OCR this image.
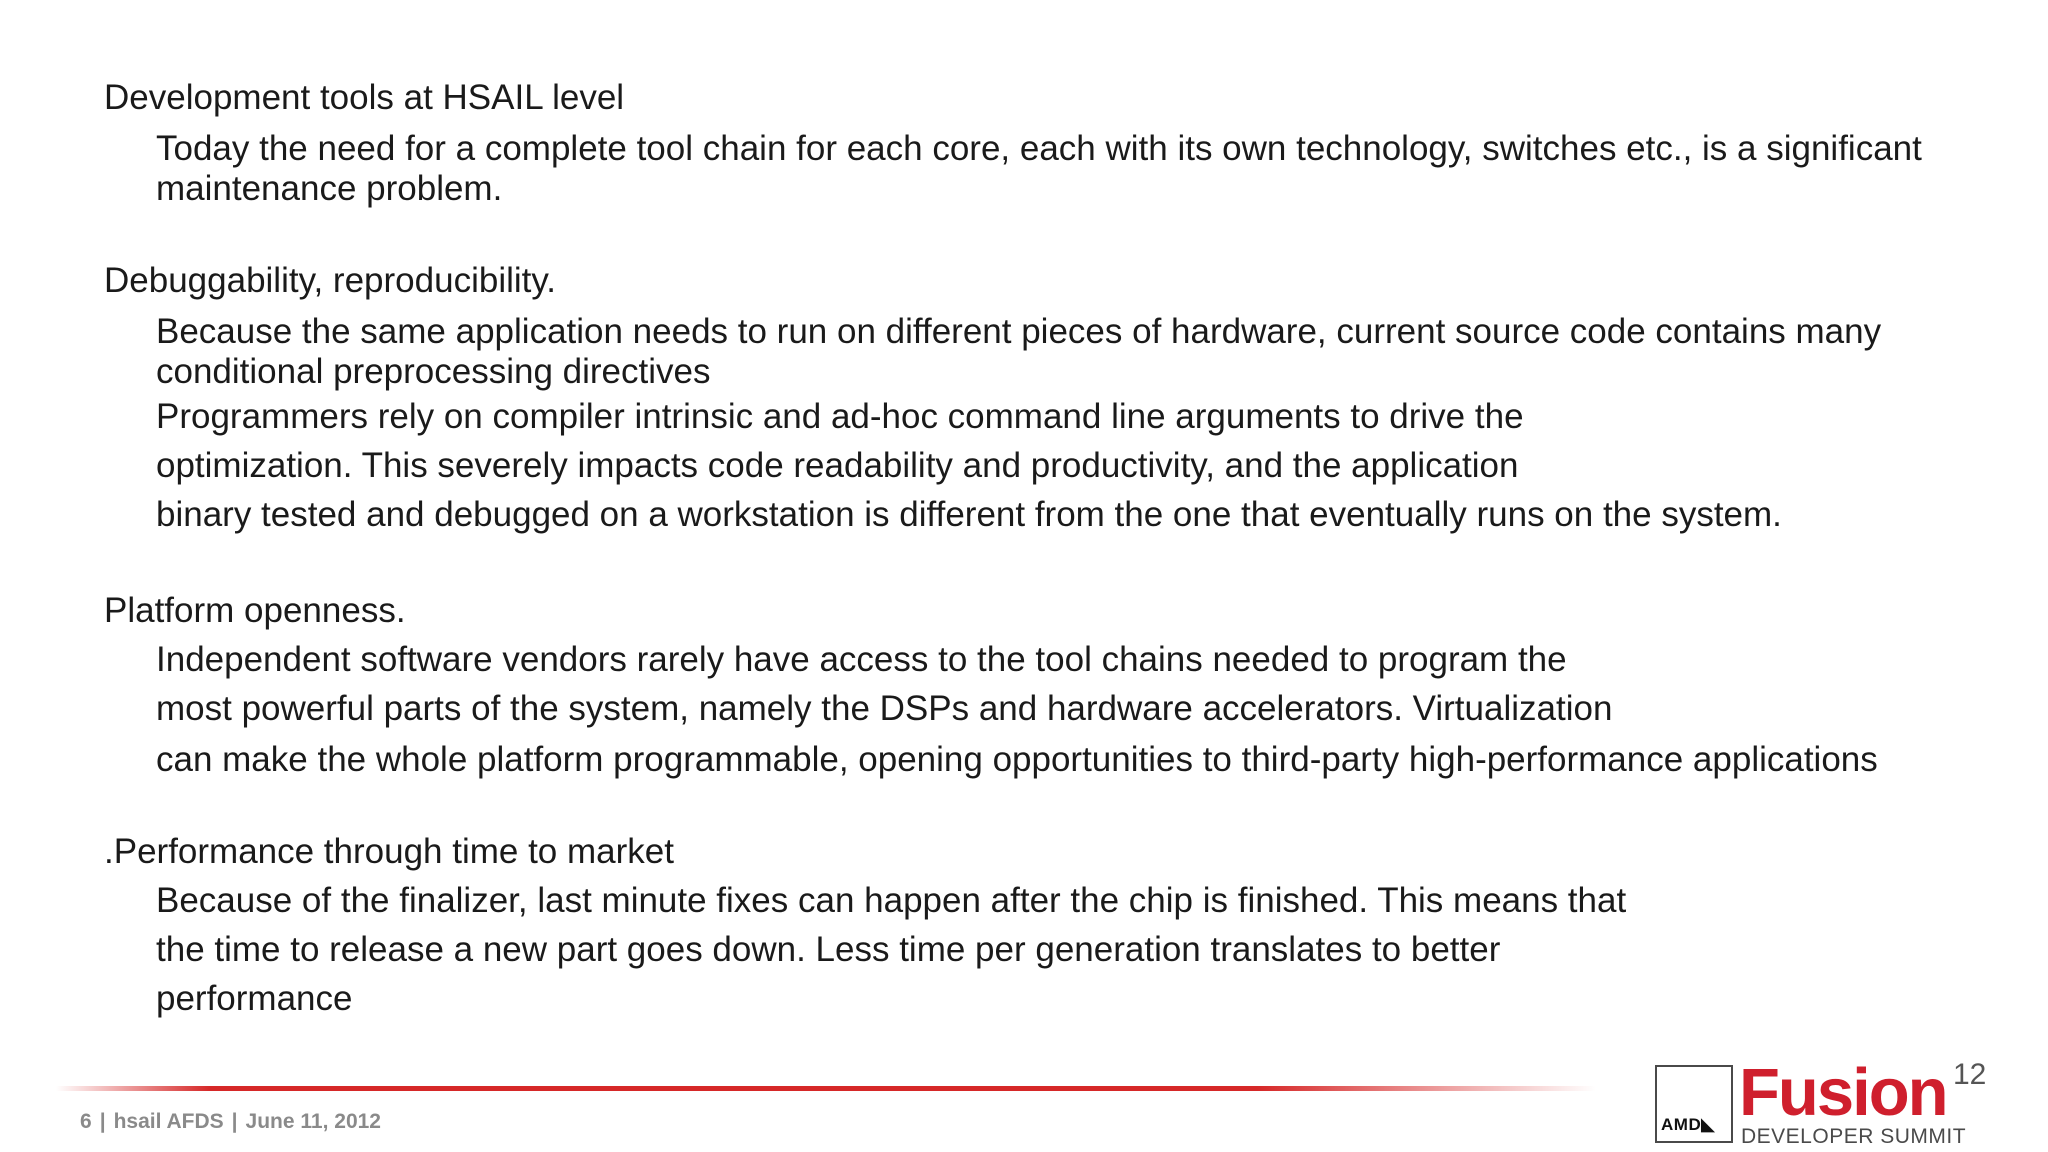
Development tools at HSAIL level
Today the need for a complete tool chain for each core, each with its own technology, switches etc., is a significant maintenance problem.
Debuggability, reproducibility.
Because the same application needs to run on different pieces of hardware, current source code contains many conditional preprocessing directives
Programmers rely on compiler intrinsic and ad-hoc command line arguments to drive the
optimization. This severely impacts code readability and productivity, and the application
binary tested and debugged on a workstation is different from the one that eventually runs on the system.
Platform openness.
Independent software vendors rarely have access to the tool chains needed to program the
most powerful parts of the system, namely the DSPs and hardware accelerators. Virtualization
can make the whole platform programmable, opening opportunities to third-party high-performance applications
.Performance through time to market
Because of the finalizer, last minute fixes can happen after the chip is finished. This means that
the time to release a new part goes down. Less time per generation translates to better
performance
6 | hsail AFDS | June 11, 2012	AMD◣ Fusion 12
DEVELOPER SUMMIT
